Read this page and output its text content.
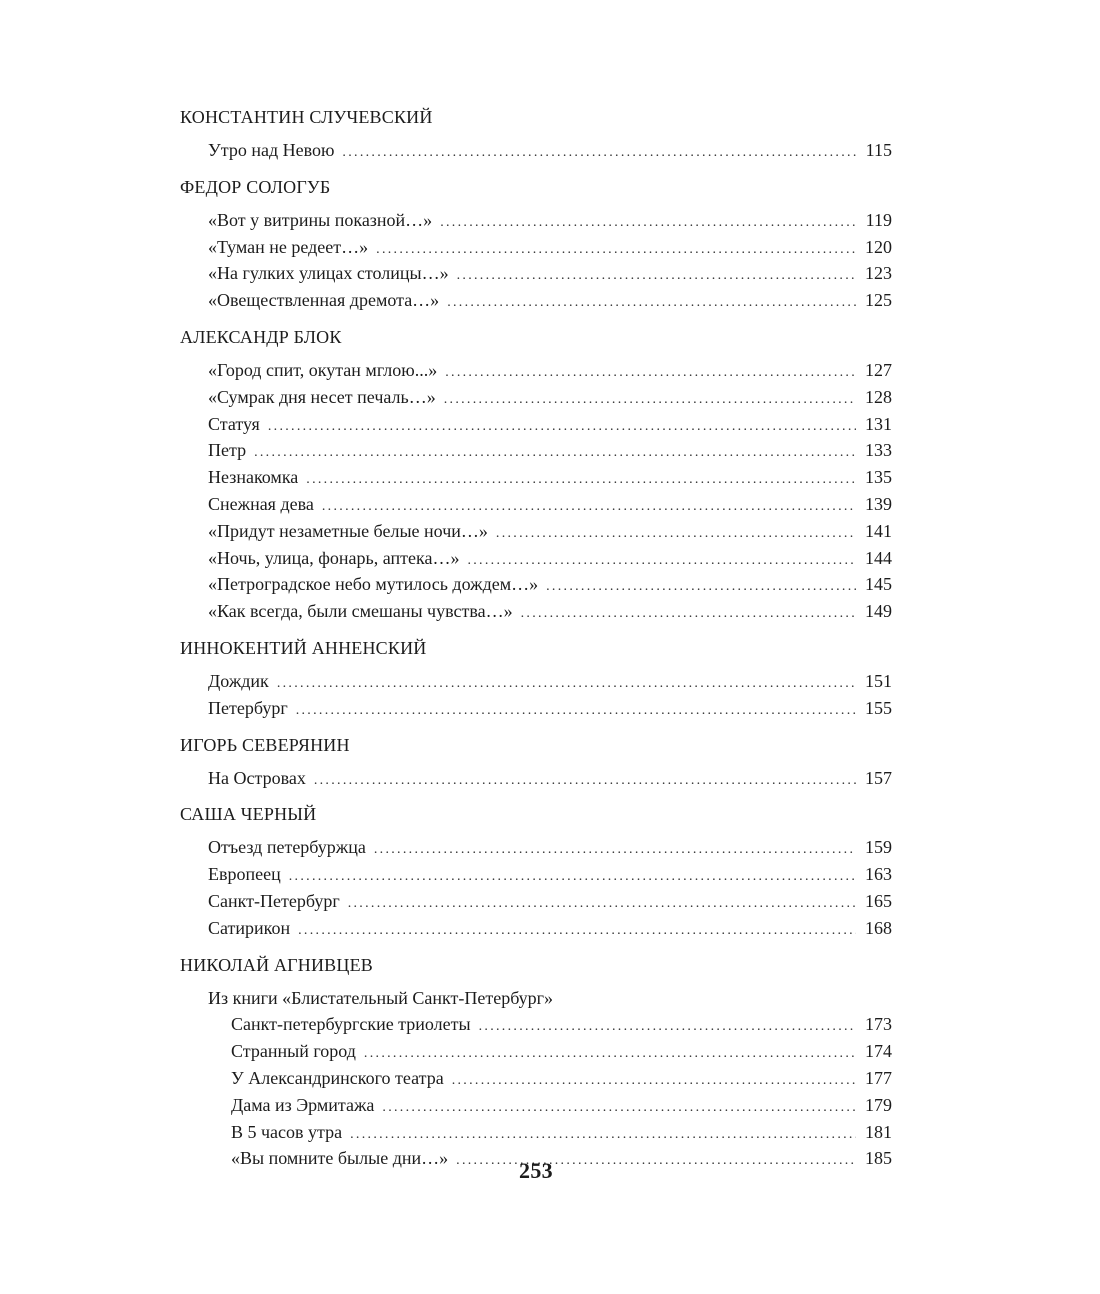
КОНСТАНТИН СЛУЧЕВСКИЙ
Утро над Невою . . .	115
ФЕДОР СОЛОГУБ
«Вот у витрины показной…» . . .	119
«Туман не редеет…» . . .	120
«На гулких улицах столицы…» . . .	123
«Овеществленная дремота…» . . .	125
АЛЕКСАНДР БЛОК
«Город спит, окутан мглою...» . . .	127
«Сумрак дня несет печаль…» . . .	128
Статуя . . .	131
Петр . . .	133
Незнакомка . . .	135
Снежная дева . . .	139
«Придут незаметные белые ночи…» . . .	141
«Ночь, улица, фонарь, аптека…» . . .	144
«Петроградское небо мутилось дождем…» . . .	145
«Как всегда, были смешаны чувства…» . . .	149
ИННОКЕНТИЙ АННЕНСКИЙ
Дождик . . .	151
Петербург . . .	155
ИГОРЬ СЕВЕРЯНИН
На Островах . . .	157
САША ЧЕРНЫЙ
Отъезд петербуржца . . .	159
Европеец . . .	163
Санкт-Петербург . . .	165
Сатирикон . . .	168
НИКОЛАЙ АГНИВЦЕВ
Из книги «Блистательный Санкт-Петербург»
Санкт-петербургские триолеты . . .	173
Странный город . . .	174
У Александринского театра . . .	177
Дама из Эрмитажа . . .	179
В 5 часов утра . . .	181
«Вы помните былые дни…» . . .	185
253
